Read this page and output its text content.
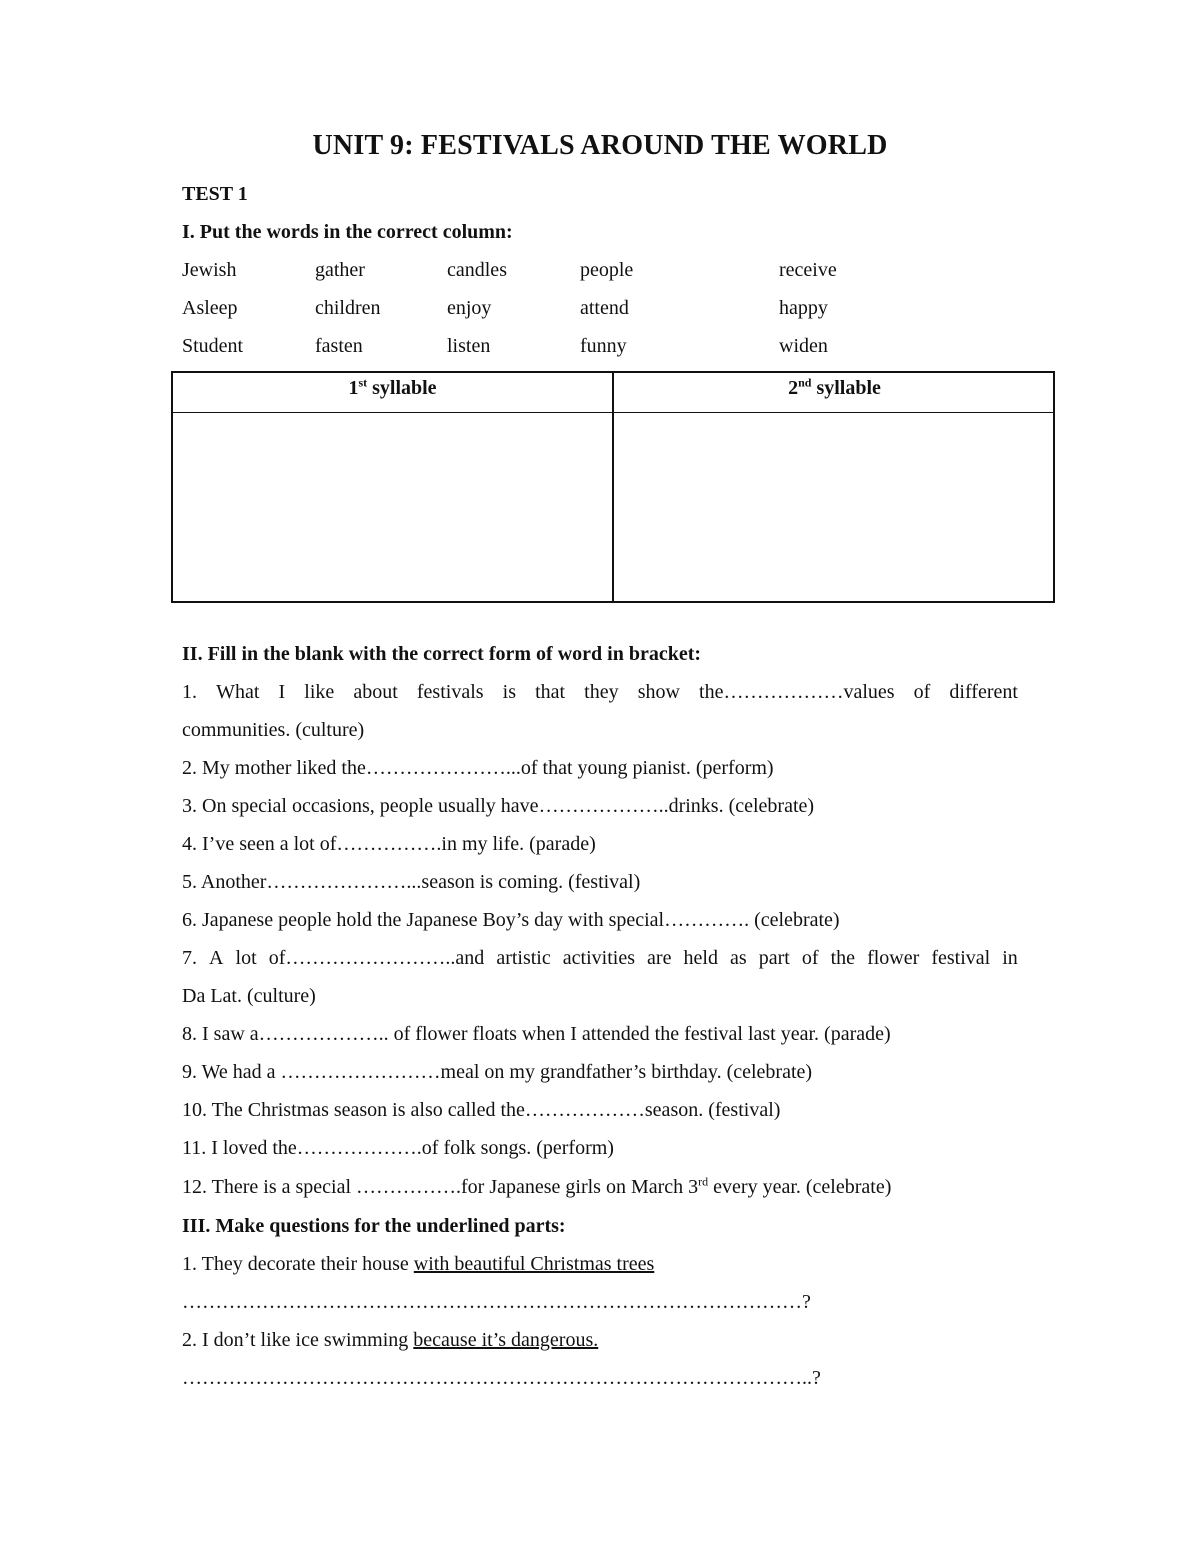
UNIT 9: FESTIVALS AROUND THE WORLD
TEST 1
I. Put the words in the correct column:
Jewish	gather	candles	people	receive
Asleep	children	enjoy	attend	happy
Student	fasten	listen	funny	widen
1st syllable	2nd syllable
II. Fill in the blank with the correct form of word in bracket:
1. What I like about festivals is that they show the………………values of different
communities. (culture)
2. My mother liked the…………………...of that young pianist. (perform)
3. On special occasions, people usually have………………..drinks. (celebrate)
4. I’ve seen a lot of…………….in my life. (parade)
5. Another…………………...season is coming. (festival)
6. Japanese people hold the Japanese Boy’s day with special…………. (celebrate)
7. A lot of……………………..and artistic activities are held as part of the flower festival in
Da Lat. (culture)
8. I saw a……………….. of flower floats when I attended the festival last year. (parade)
9. We had a ……………………meal on my grandfather’s birthday. (celebrate)
10. The Christmas season is also called the………………season. (festival)
11. I loved the……………….of folk songs. (perform)
12. There is a special …………….for Japanese girls on March 3rd every year. (celebrate)
III. Make questions for the underlined parts:
1. They decorate their house with beautiful Christmas trees
…………………………………………………………………………………?
2. I don’t like ice swimming because it’s dangerous.
…………………………………………………………………………………..?
